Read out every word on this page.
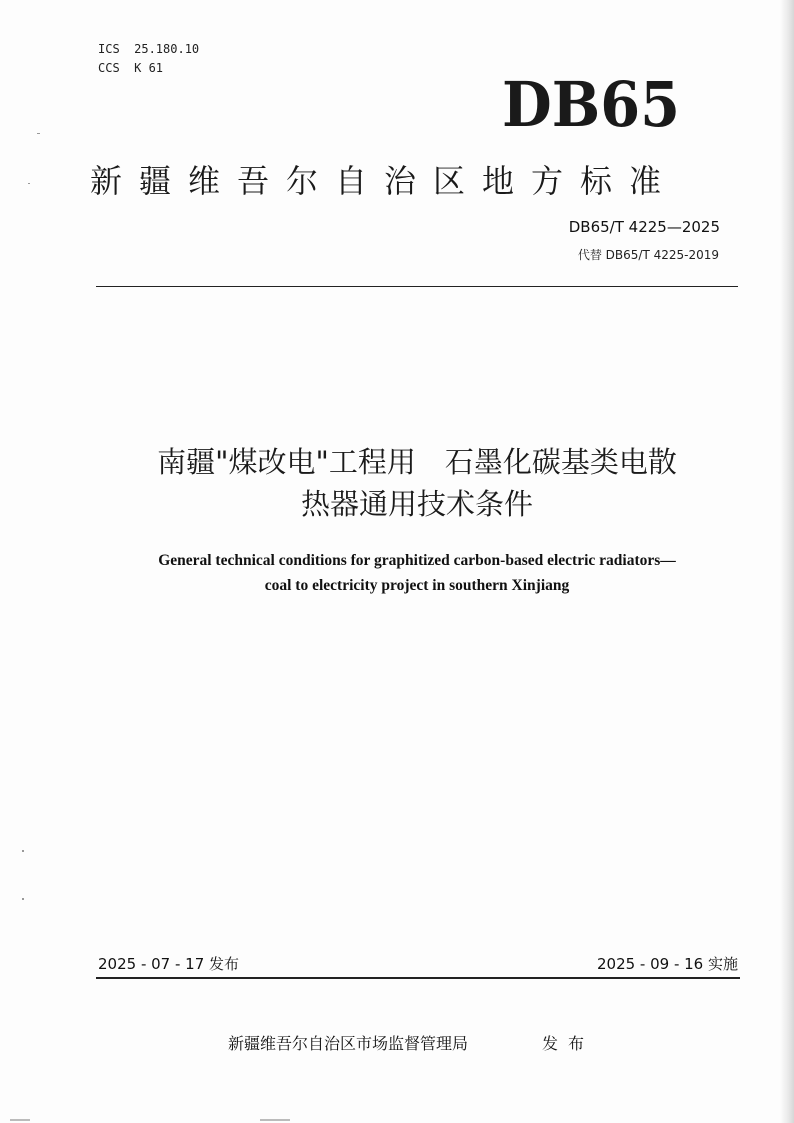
ICS  25.180.10
CCS  K 61	DB65
新疆维吾尔自治区地方标准
DB65/T 4225—2025
代替 DB65/T 4225-2019
南疆"煤改电"工程用　石墨化碳基类电散
热器通用技术条件
General technical conditions for graphitized carbon-based electric radiators—
coal to electricity project in southern Xinjiang
2025 - 07 - 17 发布	2025 - 09 - 16 实施
新疆维吾尔自治区市场监督管理局	发布
